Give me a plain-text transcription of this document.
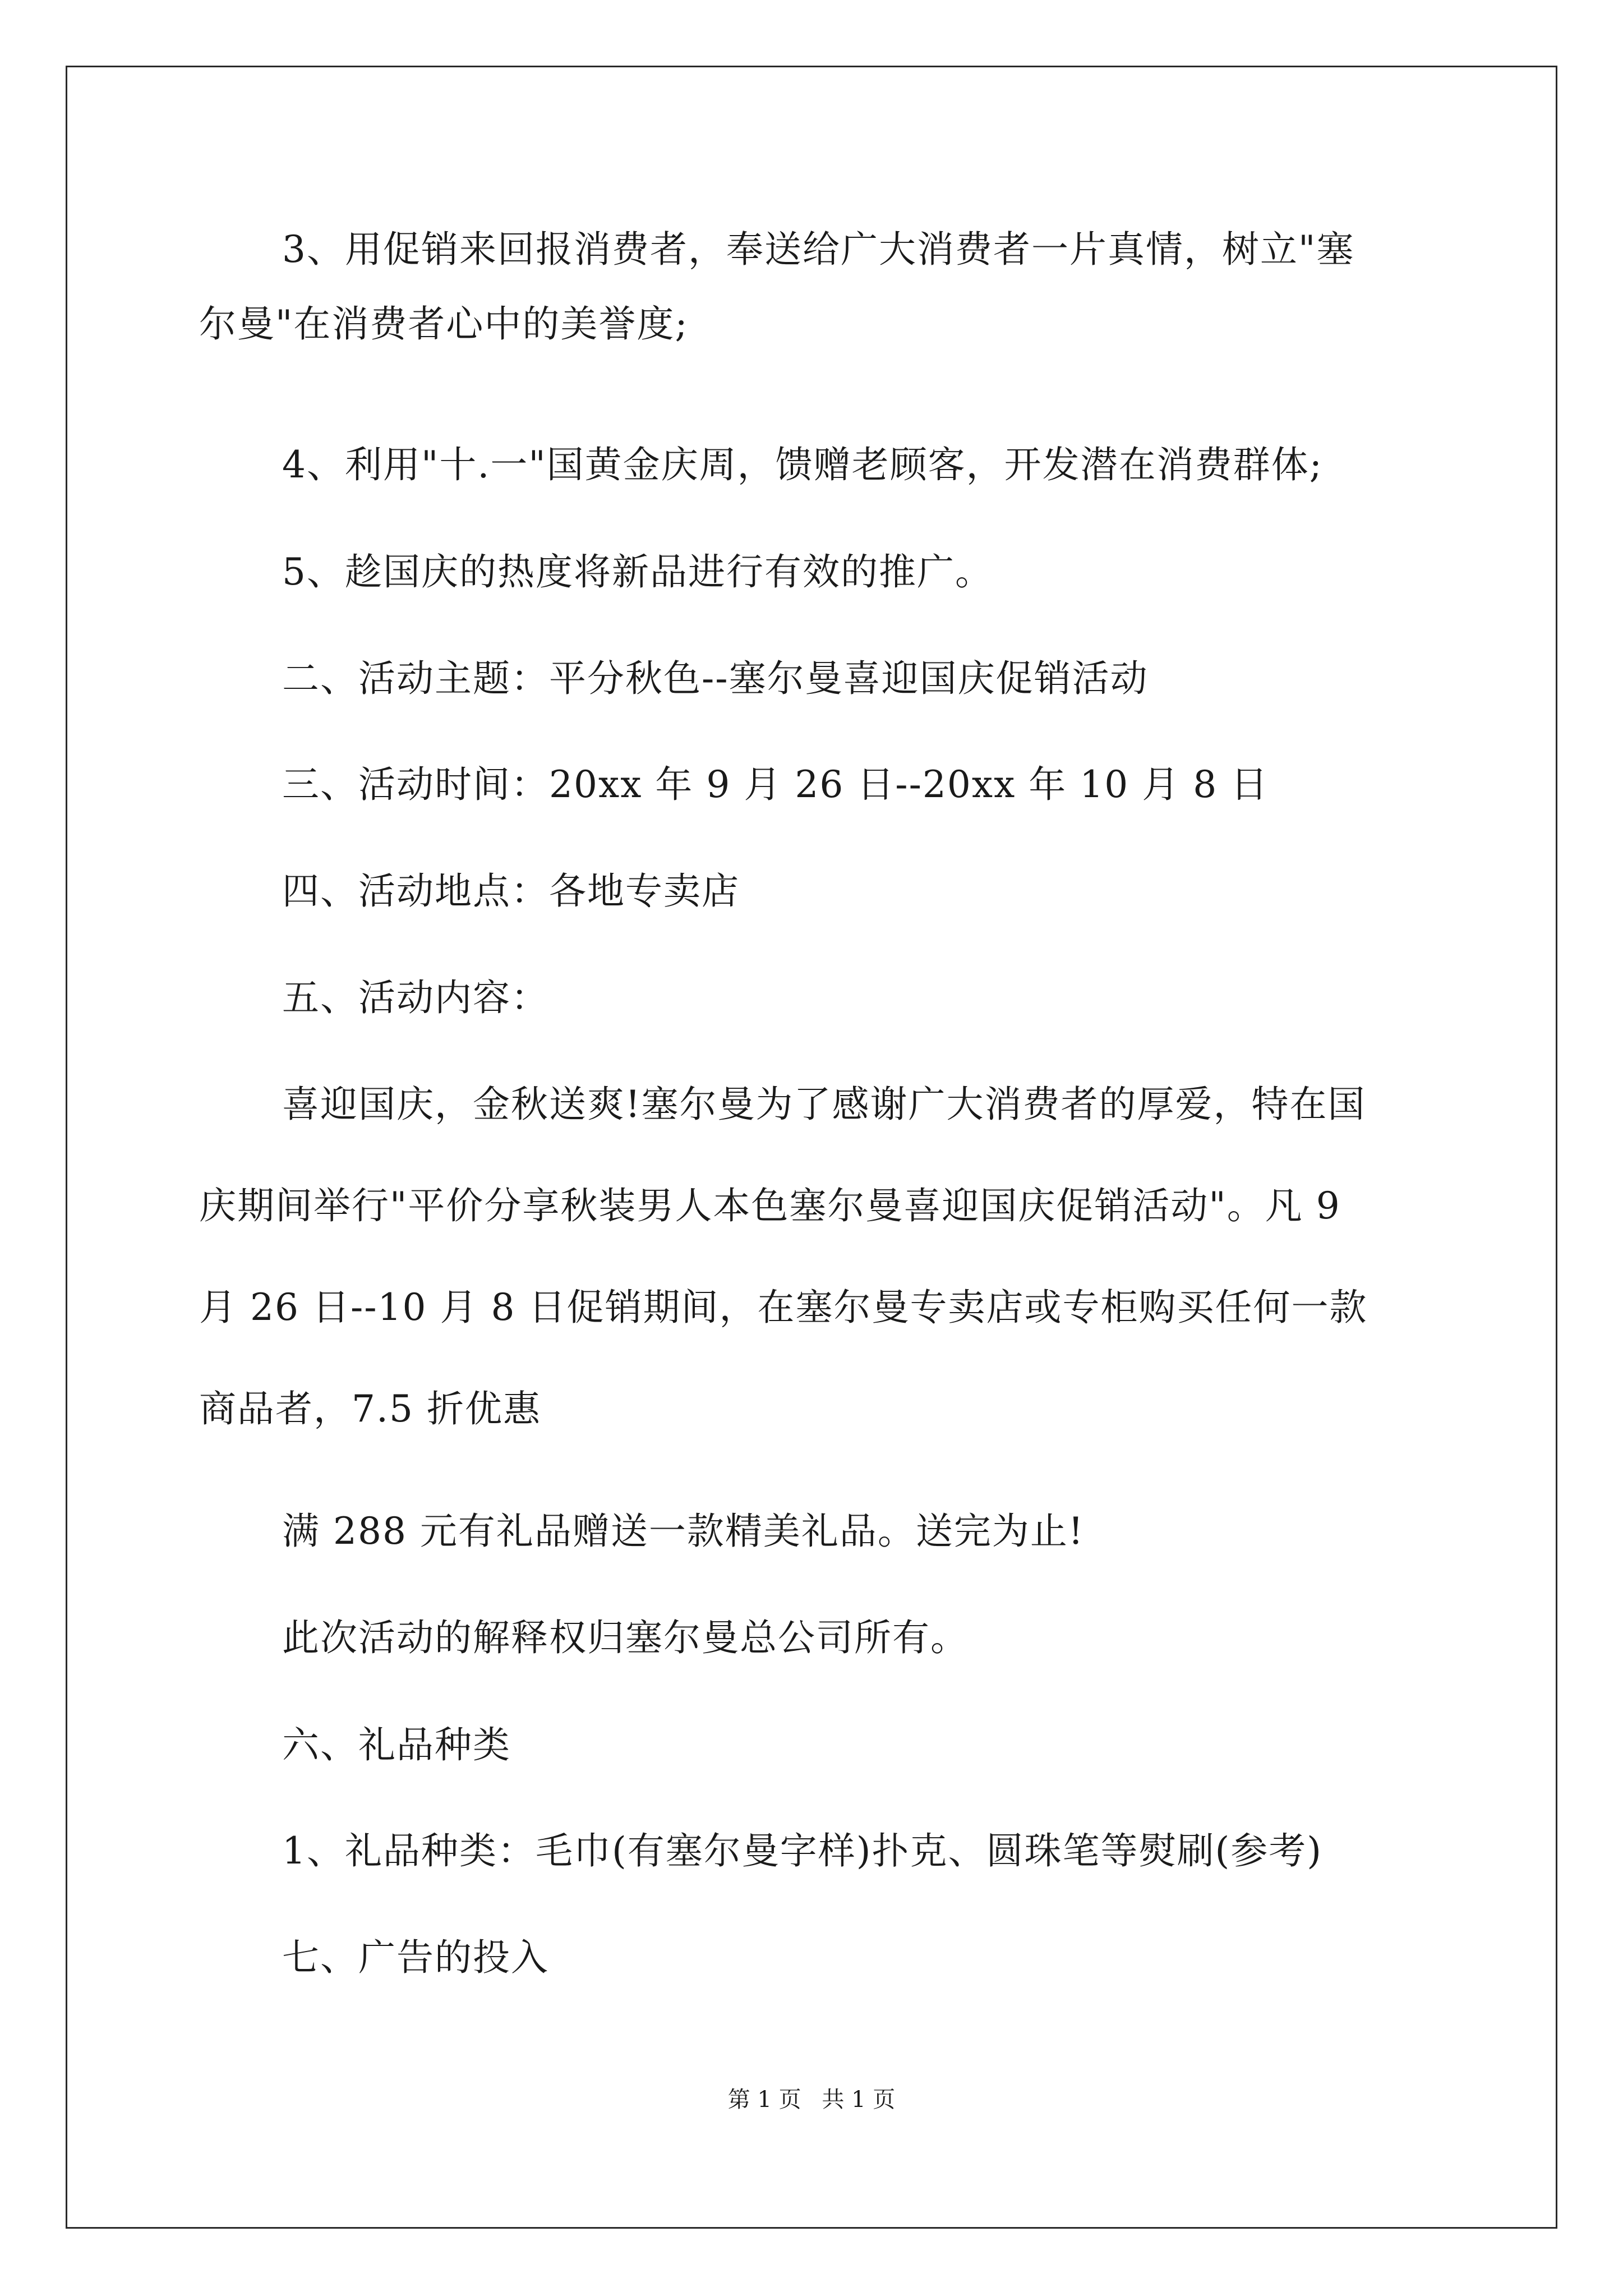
3、用促销来回报消费者，奉送给广大消费者一片真情，树立"塞
尔曼"在消费者心中的美誉度;
4、利用"十.一"国黄金庆周，馈赠老顾客，开发潜在消费群体;
5、趁国庆的热度将新品进行有效的推广。
二、活动主题：平分秋色--塞尔曼喜迎国庆促销活动
三、活动时间：20xx 年 9 月 26 日--20xx 年 10 月 8 日
四、活动地点：各地专卖店
五、活动内容：
喜迎国庆，金秋送爽!塞尔曼为了感谢广大消费者的厚爱，特在国
庆期间举行"平价分享秋装男人本色塞尔曼喜迎国庆促销活动"。凡 9
月 26 日--10 月 8 日促销期间，在塞尔曼专卖店或专柜购买任何一款
商品者，7.5 折优惠
满 288 元有礼品赠送一款精美礼品。送完为止!
此次活动的解释权归塞尔曼总公司所有。
六、礼品种类
1、礼品种类：毛巾(有塞尔曼字样)扑克、圆珠笔等熨刷(参考)
七、广告的投入
第 1 页 共 1 页
